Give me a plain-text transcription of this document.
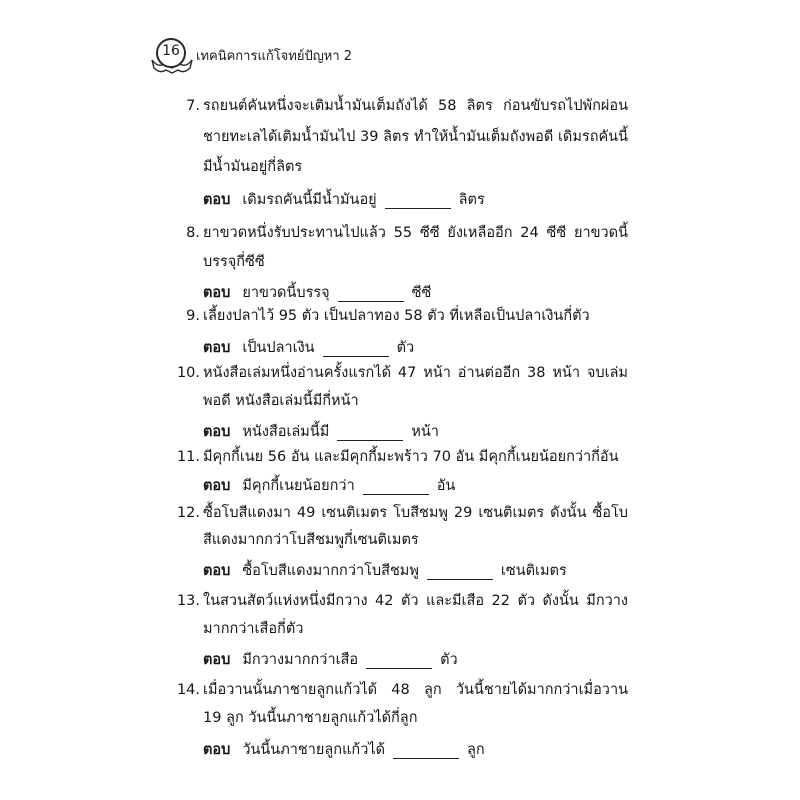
16	เทคนิคการแก้โจทย์ปัญหา 2
7. รถยนต์คันหนึ่งจะเติมน้ำมันเต็มถังได้ 58 ลิตร ก่อนขับรถไปพักผ่อน
ชายทะเลได้เติมน้ำมันไป 39 ลิตร ทำให้น้ำมันเต็มถังพอดี เดิมรถคันนี้
มีน้ำมันอยู่กี่ลิตร
ตอบ เดิมรถคันนี้มีน้ำมันอยู่	ลิตร
8. ยาขวดหนึ่งรับประทานไปแล้ว 55 ซีซี ยังเหลืออีก 24 ซีซี ยาขวดนี้
บรรจุกี่ซีซี
ตอบ ยาขวดนี้บรรจุ	ซีซี
9. เลี้ยงปลาไว้ 95 ตัว เป็นปลาทอง 58 ตัว ที่เหลือเป็นปลาเงินกี่ตัว
ตอบ เป็นปลาเงิน	ตัว
10. หนังสือเล่มหนึ่งอ่านครั้งแรกได้ 47 หน้า อ่านต่ออีก 38 หน้า จบเล่ม
พอดี หนังสือเล่มนี้มีกี่หน้า
ตอบ หนังสือเล่มนี้มี	หน้า
11. มีคุกกี้เนย 56 อัน และมีคุกกี้มะพร้าว 70 อัน มีคุกกี้เนยน้อยกว่ากี่อัน
ตอบ มีคุกกี้เนยน้อยกว่า	อัน
12. ซื้อโบสีแดงมา 49 เซนติเมตร โบสีชมพู 29 เซนติเมตร ดังนั้น ซื้อโบ
สีแดงมากกว่าโบสีชมพูกี่เซนติเมตร
ตอบ ซื้อโบสีแดงมากกว่าโบสีชมพู	เซนติเมตร
13. ในสวนสัตว์แห่งหนึ่งมีกวาง 42 ตัว และมีเสือ 22 ตัว ดังนั้น มีกวาง
มากกว่าเสือกี่ตัว
ตอบ มีกวางมากกว่าเสือ	ตัว
14. เมื่อวานนั้นภาชายลูกแก้วได้ 48 ลูก วันนี้ชายได้มากกว่าเมื่อวาน
19 ลูก วันนี้นภาชายลูกแก้วได้กี่ลูก
ตอบ วันนี้นภาชายลูกแก้วได้	ลูก
